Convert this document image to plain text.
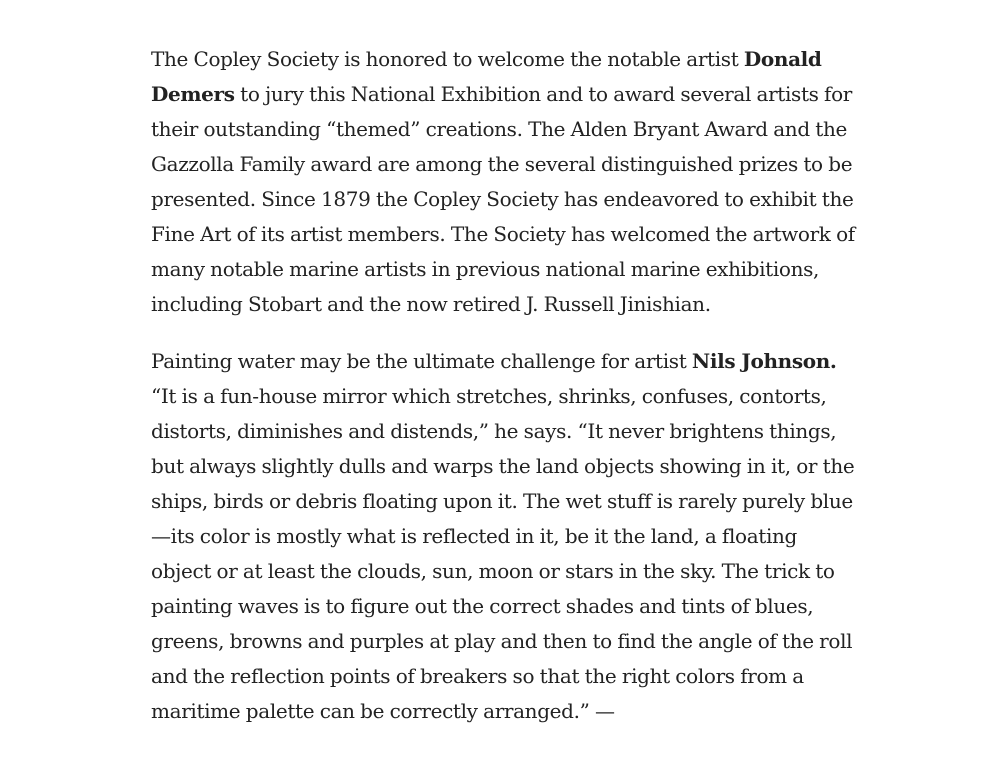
The Copley Society is honored to welcome the notable artist Donald Demers to jury this National Exhibition and to award several artists for their outstanding “themed” creations. The Alden Bryant Award and the Gazzolla Family award are among the several distinguished prizes to be presented. Since 1879 the Copley Society has endeavored to exhibit the Fine Art of its artist members. The Society has welcomed the artwork of many notable marine artists in previous national marine exhibitions, including Stobart and the now retired J. Russell Jinishian.

Painting water may be the ultimate challenge for artist Nils Johnson. “It is a fun-house mirror which stretches, shrinks, confuses, contorts, distorts, diminishes and distends,” he says. “It never brightens things, but always slightly dulls and warps the land objects showing in it, or the ships, birds or debris floating upon it. The wet stuff is rarely purely blue—its color is mostly what is reflected in it, be it the land, a floating object or at least the clouds, sun, moon or stars in the sky. The trick to painting waves is to figure out the correct shades and tints of blues, greens, browns and purples at play and then to find the angle of the roll and the reflection points of breakers so that the right colors from a maritime palette can be correctly arranged.” —
